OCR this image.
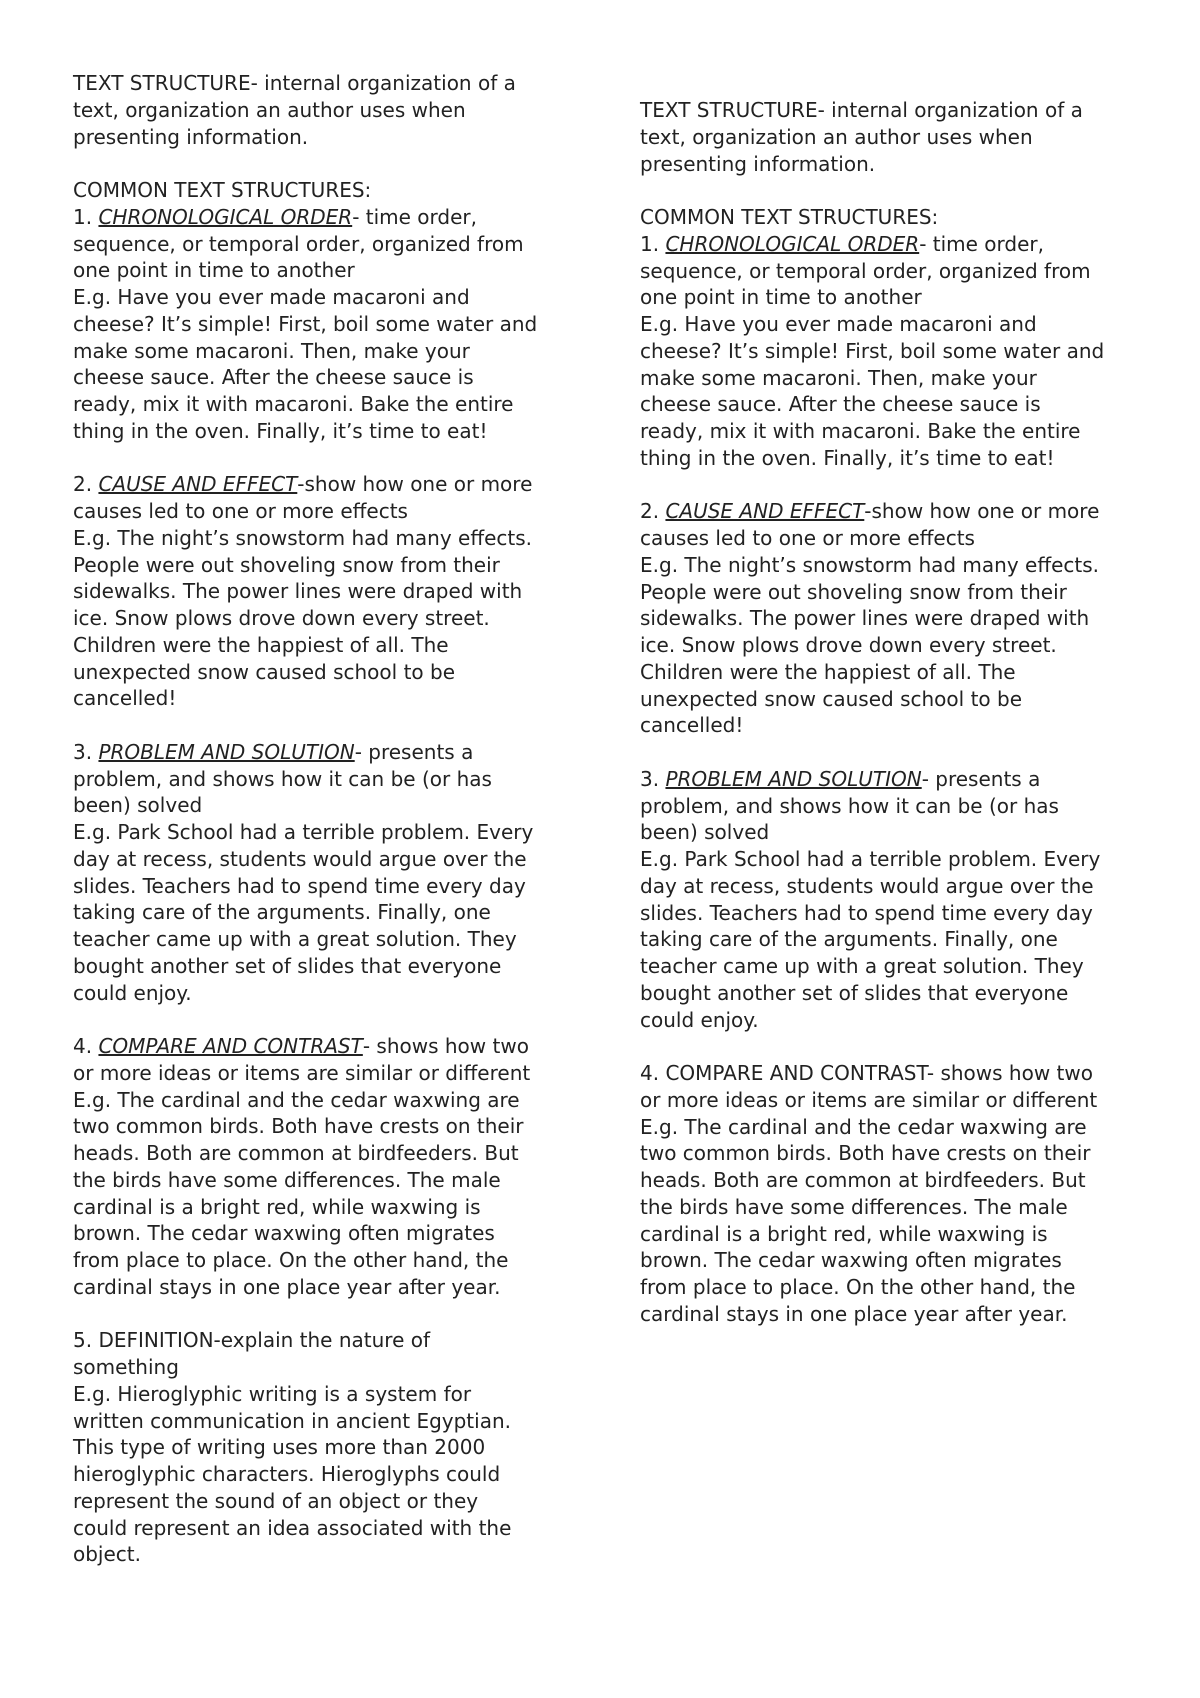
TEXT STRUCTURE- internal organization of a
text, organization an author uses when
presenting information.
COMMON TEXT STRUCTURES:
1. CHRONOLOGICAL ORDER- time order,
sequence, or temporal order, organized from
one point in time to another
E.g. Have you ever made macaroni and
cheese? It’s simple! First, boil some water and
make some macaroni. Then, make your
cheese sauce. After the cheese sauce is
ready, mix it with macaroni. Bake the entire
thing in the oven. Finally, it’s time to eat!
2. CAUSE AND EFFECT-show how one or more
causes led to one or more effects
E.g. The night’s snowstorm had many effects.
People were out shoveling snow from their
sidewalks. The power lines were draped with
ice. Snow plows drove down every street.
Children were the happiest of all. The
unexpected snow caused school to be
cancelled!
3. PROBLEM AND SOLUTION- presents a
problem, and shows how it can be (or has
been) solved
E.g. Park School had a terrible problem. Every
day at recess, students would argue over the
slides. Teachers had to spend time every day
taking care of the arguments. Finally, one
teacher came up with a great solution. They
bought another set of slides that everyone
could enjoy.
4. COMPARE AND CONTRAST- shows how two
or more ideas or items are similar or different
E.g. The cardinal and the cedar waxwing are
two common birds. Both have crests on their
heads. Both are common at birdfeeders. But
the birds have some differences. The male
cardinal is a bright red, while waxwing is
brown. The cedar waxwing often migrates
from place to place. On the other hand, the
cardinal stays in one place year after year.
5. DEFINITION-explain the nature of
something
E.g. Hieroglyphic writing is a system for
written communication in ancient Egyptian.
This type of writing uses more than 2000
hieroglyphic characters. Hieroglyphs could
represent the sound of an object or they
could represent an idea associated with the
object.
TEXT STRUCTURE- internal organization of a
text, organization an author uses when
presenting information.
COMMON TEXT STRUCTURES:
1. CHRONOLOGICAL ORDER- time order,
sequence, or temporal order, organized from
one point in time to another
E.g. Have you ever made macaroni and
cheese? It’s simple! First, boil some water and
make some macaroni. Then, make your
cheese sauce. After the cheese sauce is
ready, mix it with macaroni. Bake the entire
thing in the oven. Finally, it’s time to eat!
2. CAUSE AND EFFECT-show how one or more
causes led to one or more effects
E.g. The night’s snowstorm had many effects.
People were out shoveling snow from their
sidewalks. The power lines were draped with
ice. Snow plows drove down every street.
Children were the happiest of all. The
unexpected snow caused school to be
cancelled!
3. PROBLEM AND SOLUTION- presents a
problem, and shows how it can be (or has
been) solved
E.g. Park School had a terrible problem. Every
day at recess, students would argue over the
slides. Teachers had to spend time every day
taking care of the arguments. Finally, one
teacher came up with a great solution. They
bought another set of slides that everyone
could enjoy.
4. COMPARE AND CONTRAST- shows how two
or more ideas or items are similar or different
E.g. The cardinal and the cedar waxwing are
two common birds. Both have crests on their
heads. Both are common at birdfeeders. But
the birds have some differences. The male
cardinal is a bright red, while waxwing is
brown. The cedar waxwing often migrates
from place to place. On the other hand, the
cardinal stays in one place year after year.
